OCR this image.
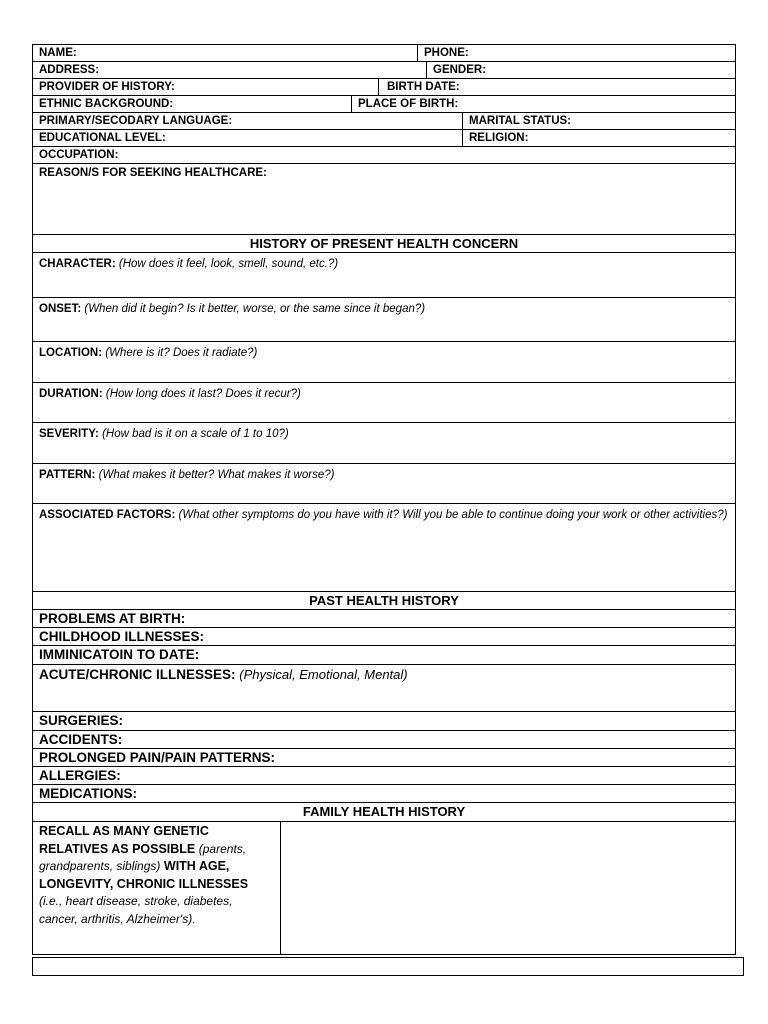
NAME:	PHONE:
ADDRESS:	GENDER:
PROVIDER OF HISTORY:	BIRTH DATE:
ETHNIC BACKGROUND:	PLACE OF BIRTH:
PRIMARY/SECODARY LANGUAGE:	MARITAL STATUS:
EDUCATIONAL LEVEL:	RELIGION:
OCCUPATION:
REASON/S FOR SEEKING HEALTHCARE:
HISTORY OF PRESENT HEALTH CONCERN
CHARACTER: (How does it feel, look, smell, sound, etc.?)
ONSET: (When did it begin? Is it better, worse, or the same since it began?)
LOCATION: (Where is it? Does it radiate?)
DURATION: (How long does it last? Does it recur?)
SEVERITY: (How bad is it on a scale of 1 to 10?)
PATTERN: (What makes it better? What makes it worse?)
ASSOCIATED FACTORS: (What other symptoms do you have with it? Will you be able to continue doing your work or other activities?)
PAST HEALTH HISTORY
PROBLEMS AT BIRTH:
CHILDHOOD ILLNESSES:
IMMINICATOIN TO DATE:
ACUTE/CHRONIC ILLNESSES: (Physical, Emotional, Mental)
SURGERIES:
ACCIDENTS:
PROLONGED PAIN/PAIN PATTERNS:
ALLERGIES:
MEDICATIONS:
FAMILY HEALTH HISTORY
RECALL AS MANY GENETIC RELATIVES AS POSSIBLE (parents, grandparents, siblings) WITH AGE, LONGEVITY, CHRONIC ILLNESSES (i.e., heart disease, stroke, diabetes, cancer, arthritis, Alzheimer's).
